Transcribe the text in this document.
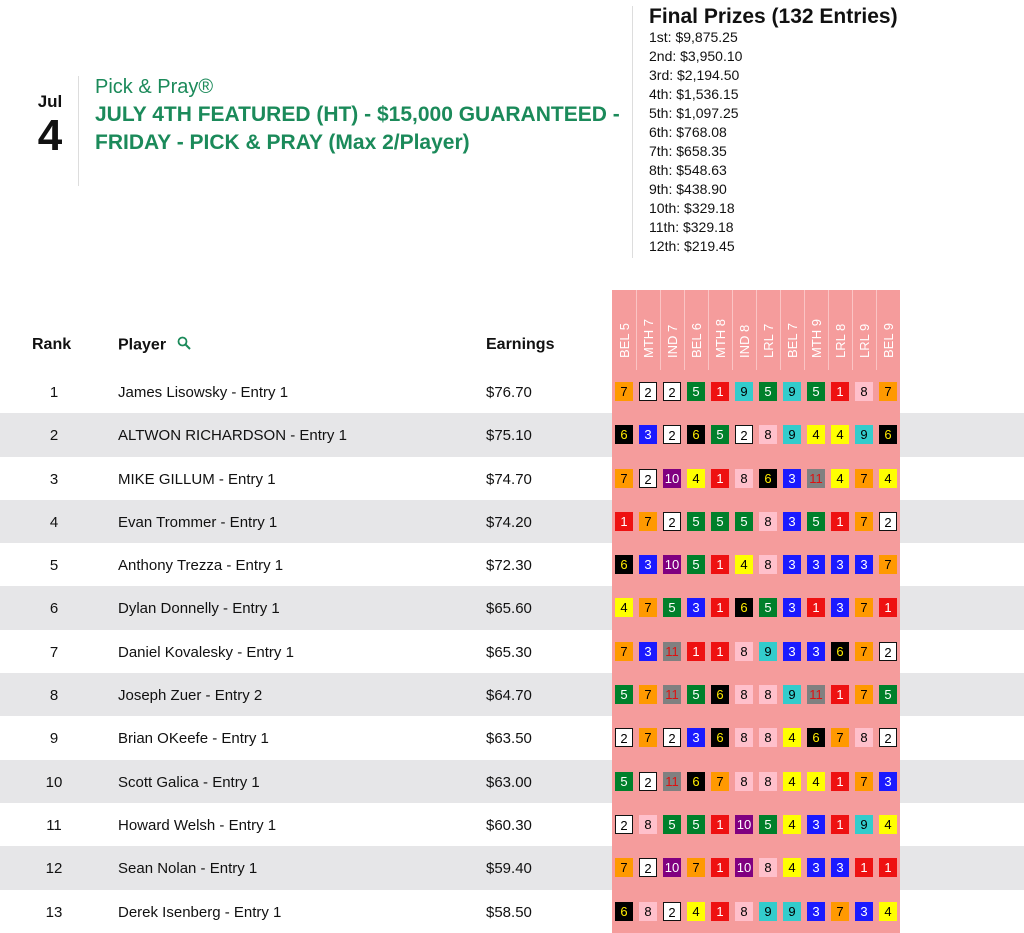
Jul
4
Pick & Pray®
JULY 4TH FEATURED (HT) - $15,000 GUARANTEED - FRIDAY - PICK & PRAY (Max 2/Player)
Final Prizes (132 Entries)
1st: $9,875.25
2nd: $3,950.10
3rd: $2,194.50
4th: $1,536.15
5th: $1,097.25
6th: $768.08
7th: $658.35
8th: $548.63
9th: $438.90
10th: $329.18
11th: $329.18
12th: $219.45
Rank	Player	Earnings	BEL 5 MTH 7 IND 7 BEL 6 MTH 8 IND 8 LRL 7 BEL 7 MTH 9 LRL 8 LRL 9 BEL 9
1	James Lisowsky - Entry 1	$76.70	7	2	2	5	1	9	5	9	5	1	8	7
2	ALTWON RICHARDSON - Entry 1	$75.10	6	3	2	6	5	2	8	9	4	4	9	6
3	MIKE GILLUM - Entry 1	$74.70	7	2	10	4	1	8	6	3	11	4	7	4
4	Evan Trommer - Entry 1	$74.20	1	7	2	5	5	5	8	3	5	1	7	2
5	Anthony Trezza - Entry 1	$72.30	6	3	10	5	1	4	8	3	3	3	3	7
6	Dylan Donnelly - Entry 1	$65.60	4	7	5	3	1	6	5	3	1	3	7	1
7	Daniel Kovalesky - Entry 1	$65.30	7	3	11	1	1	8	9	3	3	6	7	2
8	Joseph Zuer - Entry 2	$64.70	5	7	11	5	6	8	8	9	11	1	7	5
9	Brian OKeefe - Entry 1	$63.50	2	7	2	3	6	8	8	4	6	7	8	2
10	Scott Galica - Entry 1	$63.00	5	2	11	6	7	8	8	4	4	1	7	3
11	Howard Welsh - Entry 1	$60.30	2	8	5	5	1	10	5	4	3	1	9	4
12	Sean Nolan - Entry 1	$59.40	7	2	10	7	1	10	8	4	3	3	1	1
13	Derek Isenberg - Entry 1	$58.50	6	8	2	4	1	8	9	9	3	7	3	4
